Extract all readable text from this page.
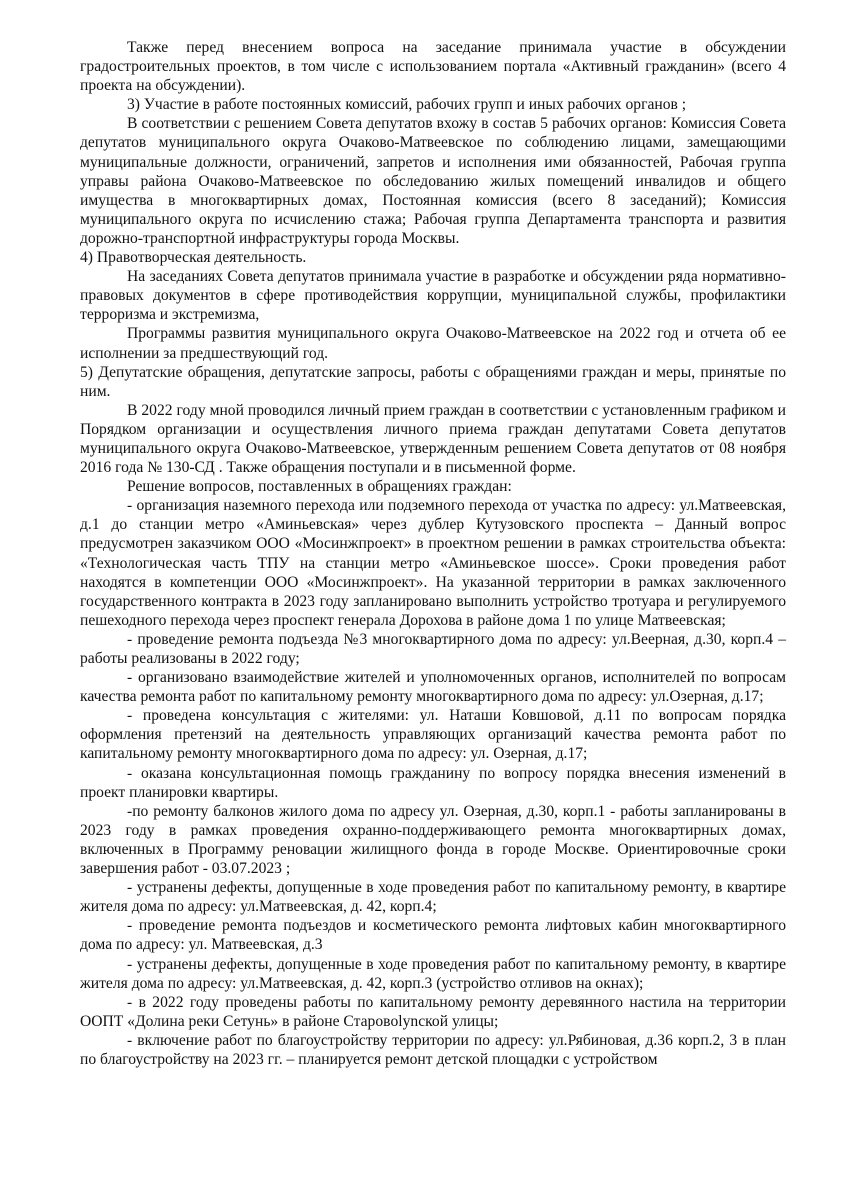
Также перед внесением вопроса на заседание принимала участие в обсуждении градостроительных проектов, в том числе с использованием портала «Активный гражданин» (всего 4 проекта на обсуждении).

3) Участие в работе постоянных комиссий, рабочих групп и иных рабочих органов ;

В соответствии с решением Совета депутатов вхожу в состав 5 рабочих органов: Комиссия Совета депутатов муниципального округа Очаково-Матвеевское по соблюдению лицами, замещающими муниципальные должности, ограничений, запретов и исполнения ими обязанностей, Рабочая группа управы района Очаково-Матвеевское по обследованию жилых помещений инвалидов и общего имущества в многоквартирных домах, Постоянная комиссия (всего 8 заседаний); Комиссия муниципального округа по исчислению стажа; Рабочая группа Департамента транспорта и развития дорожно-транспортной инфраструктуры города Москвы.

4) Правотворческая деятельность.

На заседаниях Совета депутатов принимала участие в разработке и обсуждении ряда нормативно-правовых документов в сфере противодействия коррупции, муниципальной службы, профилактики терроризма и экстремизма,

Программы развития муниципального округа Очаково-Матвеевское на 2022 год и отчета об ее исполнении за предшествующий год.

5) Депутатские обращения, депутатские запросы, работы с обращениями граждан и меры, принятые по ним.

В 2022 году мной проводился личный прием граждан в соответствии с установленным графиком и Порядком организации и осуществления личного приема граждан депутатами Совета депутатов муниципального округа Очаково-Матвеевское, утвержденным решением Совета депутатов от 08 ноября 2016 года № 130-СД . Также обращения поступали и в письменной форме.

Решение вопросов, поставленных в обращениях граждан:

- организация наземного перехода или подземного перехода от участка по адресу: ул.Матвеевская, д.1 до станции метро «Аминьевская» через дублер Кутузовского проспекта – Данный вопрос предусмотрен заказчиком ООО «Мосинжпроект» в проектном решении в рамках строительства объекта: «Технологическая часть ТПУ на станции метро «Аминьевское шоссе». Сроки проведения работ находятся в компетенции ООО «Мосинжпроект». На указанной территории в рамках заключенного государственного контракта в 2023 году запланировано выполнить устройство тротуара и регулируемого пешеходного перехода через проспект генерала Дорохова в районе дома 1 по улице Матвеевская;

- проведение ремонта подъезда №3 многоквартирного дома по адресу: ул.Веерная, д.30, корп.4 –работы реализованы в 2022 году;

- организовано взаимодействие жителей и уполномоченных органов, исполнителей по вопросам качества ремонта работ по капитальному ремонту многоквартирного дома по адресу: ул.Озерная, д.17;

- проведена консультация с жителями: ул. Наташи Ковшовой, д.11 по вопросам порядка оформления претензий на деятельность управляющих организаций качества ремонта работ по капитальному ремонту многоквартирного дома по адресу: ул. Озерная, д.17;

- оказана консультационная помощь гражданину по вопросу порядка внесения изменений в проект планировки квартиры.

-по ремонту балконов жилого дома по адресу ул. Озерная, д.30, корп.1 - работы запланированы в 2023 году в рамках проведения охранно-поддерживающего ремонта многоквартирных домах, включенных в Программу реновации жилищного фонда в городе Москве. Ориентировочные сроки завершения работ - 03.07.2023 ;

- устранены дефекты, допущенные в ходе проведения работ по капитальному ремонту, в квартире жителя дома по адресу: ул.Матвеевская, д. 42, корп.4;

- проведение ремонта подъездов и косметического ремонта лифтовых кабин многоквартирного дома по адресу: ул. Матвеевская, д.3

- устранены дефекты, допущенные в ходе проведения работ по капитальному ремонту, в квартире жителя дома по адресу: ул.Матвеевская, д. 42, корп.3 (устройство отливов на окнах);

- в 2022 году проведены работы по капитальному ремонту деревянного настила на территории ООПТ «Долина реки Сетунь» в районе Старовolynской улицы;

- включение работ по благоустройству территории по адресу: ул.Рябиновая, д.36 корп.2, 3 в план по благоустройству на 2023 гг. – планируется ремонт детской площадки с устройством
